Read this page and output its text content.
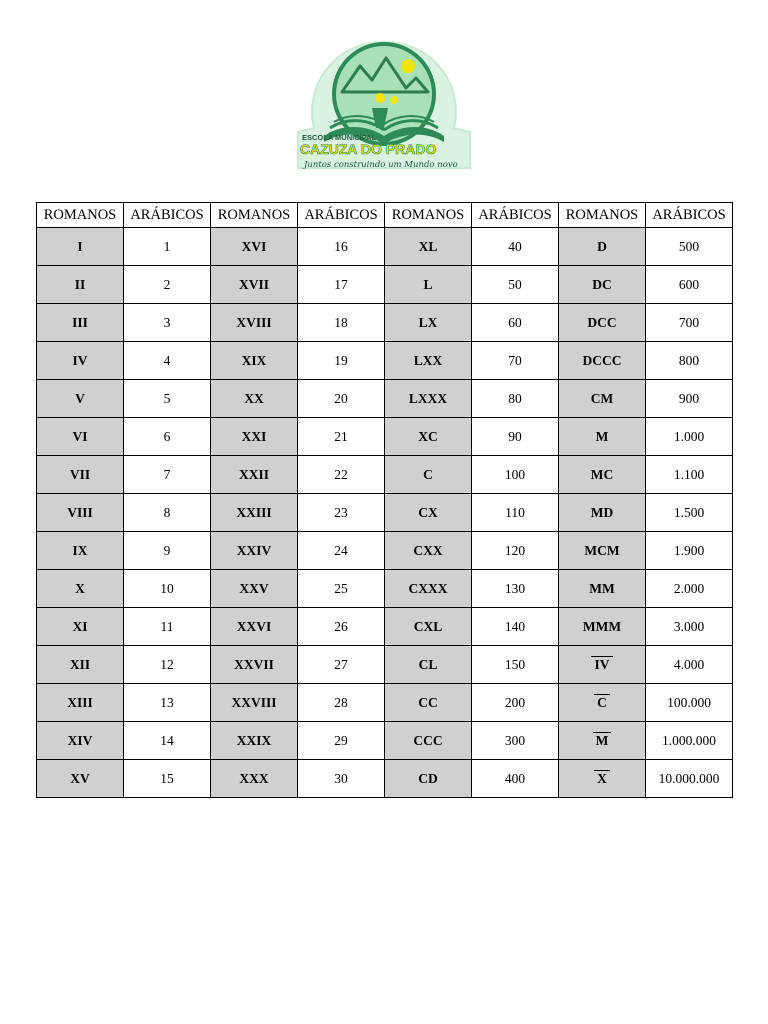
ESCOLA MUNICIPAL
CAZUZA DO PRADO
Juntos construindo um Mundo novo
ROMANOS	ARÁBICOS	ROMANOS	ARÁBICOS	ROMANOS	ARÁBICOS	ROMANOS	ARÁBICOS
I	1	XVI	16	XL	40	D	500
II	2	XVII	17	L	50	DC	600
III	3	XVIII	18	LX	60	DCC	700
IV	4	XIX	19	LXX	70	DCCC	800
V	5	XX	20	LXXX	80	CM	900
VI	6	XXI	21	XC	90	M	1.000
VII	7	XXII	22	C	100	MC	1.100
VIII	8	XXIII	23	CX	110	MD	1.500
IX	9	XXIV	24	CXX	120	MCM	1.900
X	10	XXV	25	CXXX	130	MM	2.000
XI	11	XXVI	26	CXL	140	MMM	3.000
XII	12	XXVII	27	CL	150	IV	4.000
XIII	13	XXVIII	28	CC	200	C	100.000
XIV	14	XXIX	29	CCC	300	M	1.000.000
XV	15	XXX	30	CD	400	X	10.000.000
